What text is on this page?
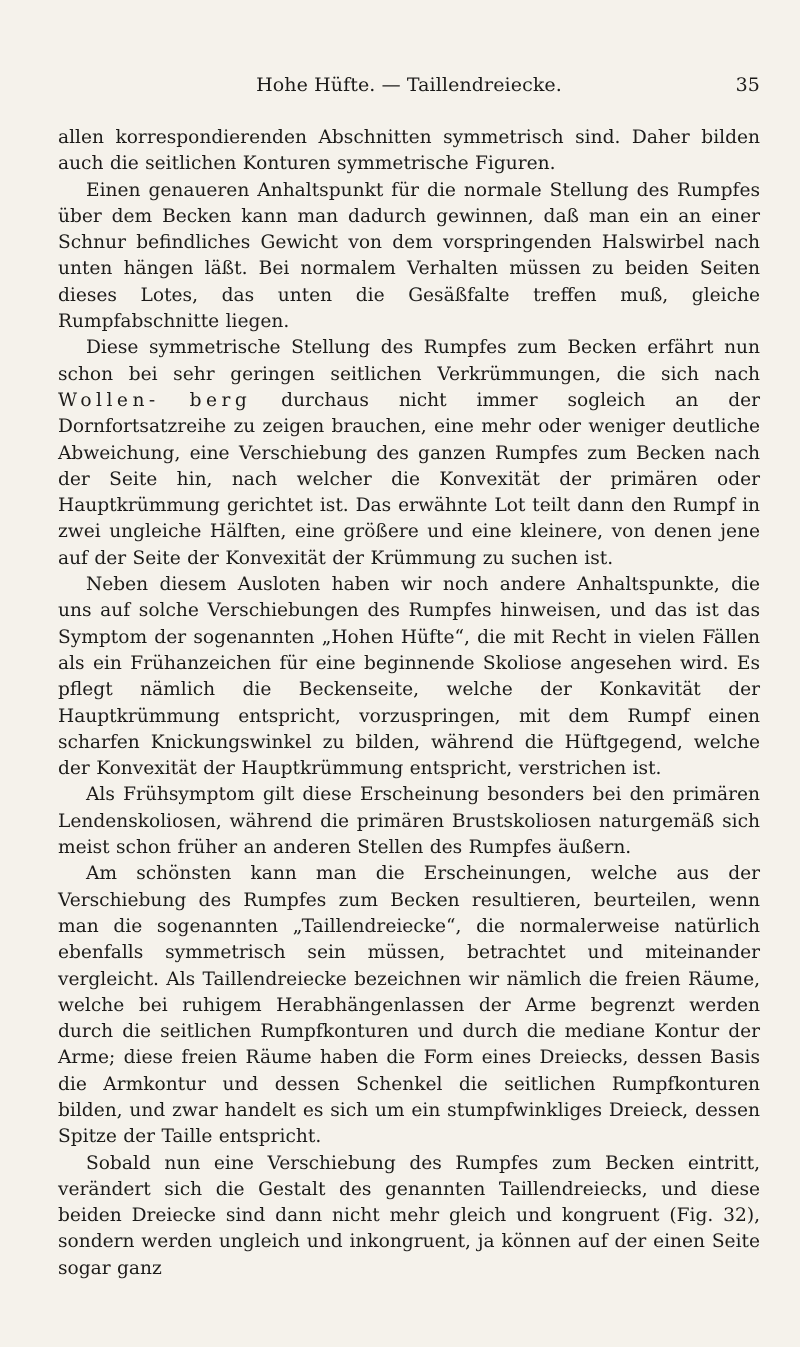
Hohe Hüfte. — Taillendreiecke.	35

allen korrespondierenden Abschnitten symmetrisch sind. Daher bilden auch die seitlichen Konturen symmetrische Figuren.

Einen genaueren Anhaltspunkt für die normale Stellung des Rumpfes über dem Becken kann man dadurch gewinnen, daß man ein an einer Schnur befindliches Gewicht von dem vorspringenden Halswirbel nach unten hängen läßt. Bei normalem Verhalten müssen zu beiden Seiten dieses Lotes, das unten die Gesäßfalte treffen muß, gleiche Rumpfabschnitte liegen.

Diese symmetrische Stellung des Rumpfes zum Becken erfährt nun schon bei sehr geringen seitlichen Verkrümmungen, die sich nach Wollen- berg durchaus nicht immer sogleich an der Dornfortsatzreihe zu zeigen brauchen, eine mehr oder weniger deutliche Abweichung, eine Verschiebung des ganzen Rumpfes zum Becken nach der Seite hin, nach welcher die Konvexität der primären oder Hauptkrümmung gerichtet ist. Das erwähnte Lot teilt dann den Rumpf in zwei ungleiche Hälften, eine größere und eine kleinere, von denen jene auf der Seite der Konvexität der Krümmung zu suchen ist.

Neben diesem Ausloten haben wir noch andere Anhaltspunkte, die uns auf solche Verschiebungen des Rumpfes hinweisen, und das ist das Symptom der sogenannten „Hohen Hüfte“, die mit Recht in vielen Fällen als ein Frühanzeichen für eine beginnende Skoliose angesehen wird. Es pflegt nämlich die Beckenseite, welche der Konkavität der Hauptkrümmung entspricht, vorzuspringen, mit dem Rumpf einen scharfen Knickungswinkel zu bilden, während die Hüftgegend, welche der Konvexität der Hauptkrümmung entspricht, verstrichen ist.

Als Frühsymptom gilt diese Erscheinung besonders bei den primären Lendenskoliosen, während die primären Brustskoliosen naturgemäß sich meist schon früher an anderen Stellen des Rumpfes äußern.

Am schönsten kann man die Erscheinungen, welche aus der Verschiebung des Rumpfes zum Becken resultieren, beurteilen, wenn man die sogenannten „Taillendreiecke“, die normalerweise natürlich ebenfalls symmetrisch sein müssen, betrachtet und miteinander vergleicht. Als Taillendreiecke bezeichnen wir nämlich die freien Räume, welche bei ruhigem Herabhängenlassen der Arme begrenzt werden durch die seitlichen Rumpfkonturen und durch die mediane Kontur der Arme; diese freien Räume haben die Form eines Dreiecks, dessen Basis die Armkontur und dessen Schenkel die seitlichen Rumpfkonturen bilden, und zwar handelt es sich um ein stumpfwinkliges Dreieck, dessen Spitze der Taille entspricht.

Sobald nun eine Verschiebung des Rumpfes zum Becken eintritt, verändert sich die Gestalt des genannten Taillendreiecks, und diese beiden Dreiecke sind dann nicht mehr gleich und kongruent (Fig. 32), sondern werden ungleich und inkongruent, ja können auf der einen Seite sogar ganz
